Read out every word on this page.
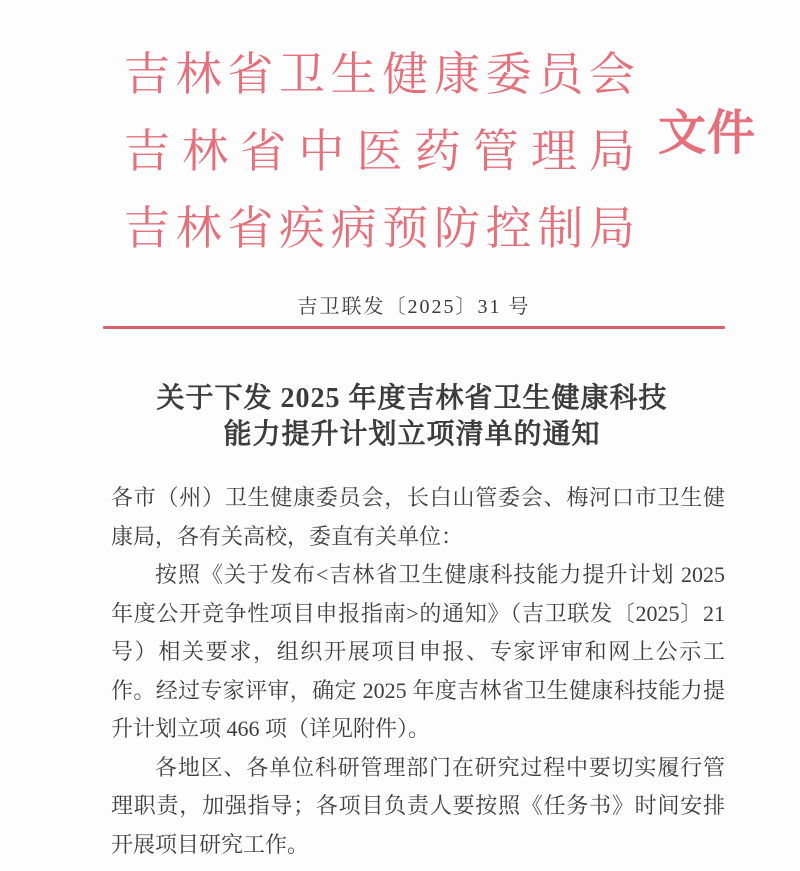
吉林省卫生健康委员会
吉林省中医药管理局
吉林省疾病预防控制局
文件
吉卫联发〔2025〕31 号
关于下发 2025 年度吉林省卫生健康科技
能力提升计划立项清单的通知

各市（州）卫生健康委员会，长白山管委会、梅河口市卫生健康局，各有关高校，委直有关单位：

按照《关于发布<吉林省卫生健康科技能力提升计划 2025 年度公开竞争性项目申报指南>的通知》（吉卫联发〔2025〕21 号）相关要求，组织开展项目申报、专家评审和网上公示工作。经过专家评审，确定 2025 年度吉林省卫生健康科技能力提升计划立项 466 项（详见附件）。

各地区、各单位科研管理部门在研究过程中要切实履行管理职责，加强指导；各项目负责人要按照《任务书》时间安排开展项目研究工作。
